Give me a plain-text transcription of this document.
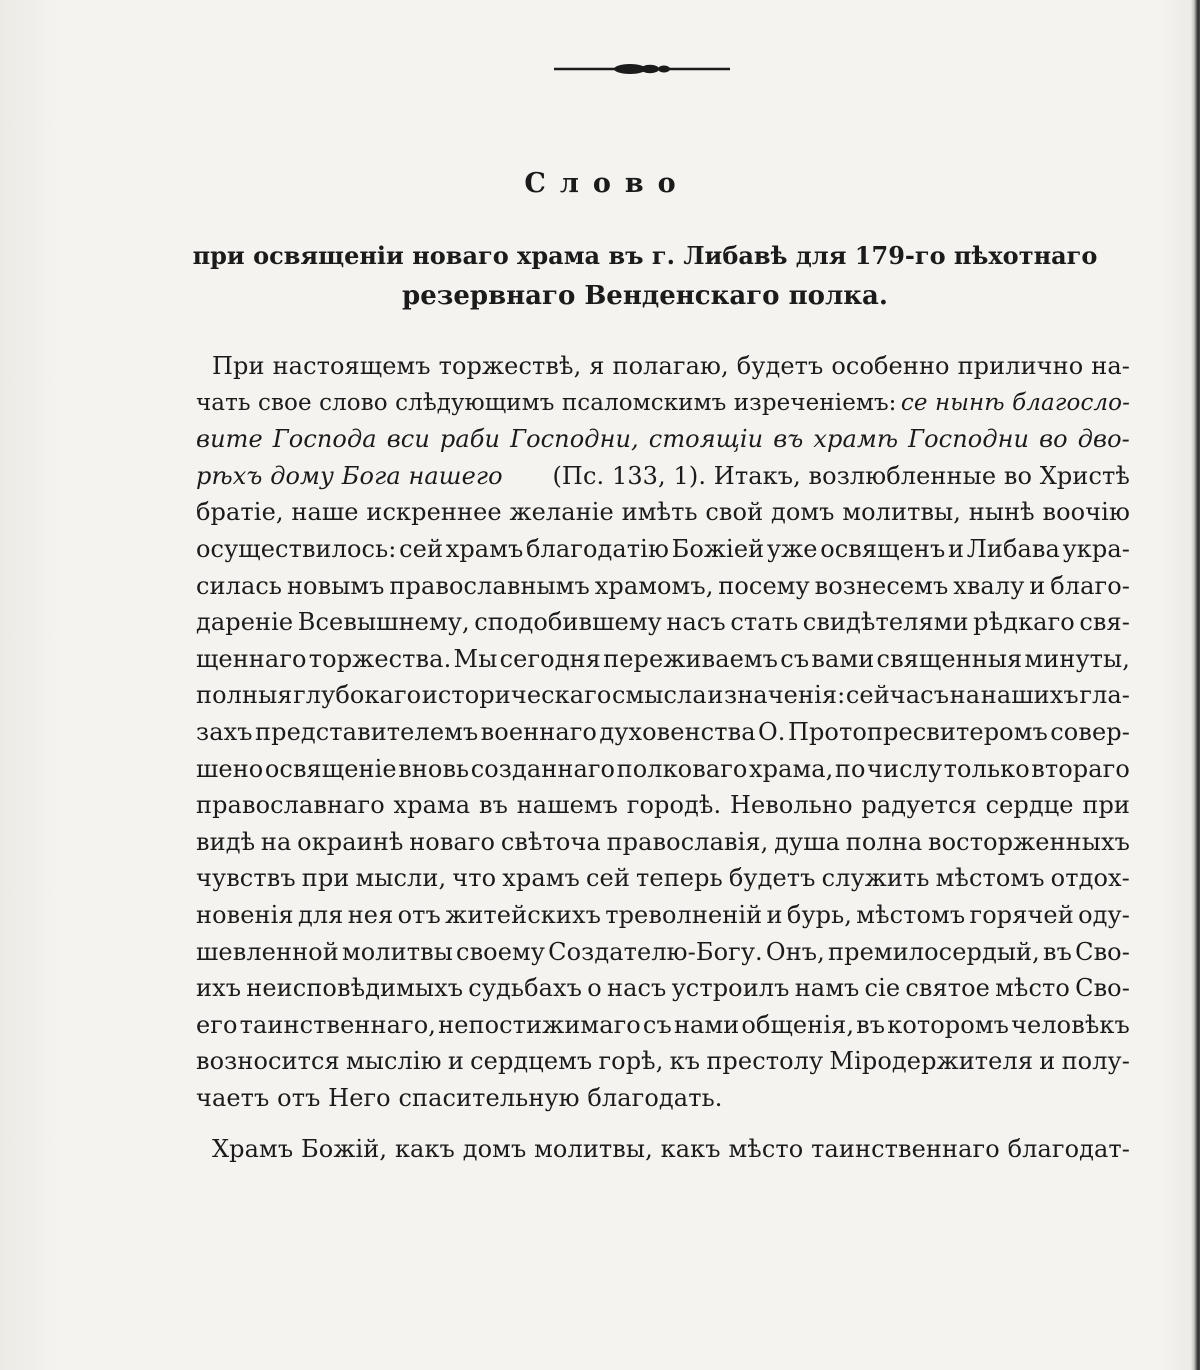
Слово
при освященіи новаго храма въ г. Либавѣ для 179-го пѣхотнаго
резервнаго Венденскаго полка.
При настоящемъ торжествѣ, я полагаю, будетъ особенно прилично на-
чать свое слово слѣдующимъ псаломскимъ изреченіемъ: се нынѣ благосло-
вите Господа вси раби Господни, стоящіи въ храмѣ Господни во дво-
рѣхъ дому Бога нашего (Пс. 133, 1). Итакъ, возлюбленные во Христѣ
братіе, наше искреннее желаніе имѣть свой домъ молитвы, нынѣ воочію
осуществилось: сей храмъ благодатію Божіей уже освященъ и Либава укра-
силась новымъ православнымъ храмомъ, посему вознесемъ хвалу и благо-
дареніе Всевышнему, сподобившему насъ стать свидѣтелями рѣдкаго свя-
щеннаго торжества. Мы сегодня переживаемъ съ вами священныя минуты,
полныя глубокаго историческаго смысла и значенія: сейчасъ на нашихъ гла-
захъ представителемъ военнаго духовенства О. Протопресвитеромъ совер-
шено освященіе вновь созданнаго полковаго храма, по числу только втораго
православнаго храма въ нашемъ городѣ. Невольно радуется сердце при
видѣ на окраинѣ новаго свѣточа православія, душа полна восторженныхъ
чувствъ при мысли, что храмъ сей теперь будетъ служить мѣстомъ отдох-
новенія для нея отъ житейскихъ треволненій и бурь, мѣстомъ горячей оду-
шевленной молитвы своему Создателю-Богу. Онъ, премилосердый, въ Сво-
ихъ неисповѣдимыхъ судьбахъ о насъ устроилъ намъ сіе святое мѣсто Сво-
его таинственнаго, непостижимаго съ нами общенія, въ которомъ человѣкъ
возносится мыслію и сердцемъ горѣ, къ престолу Міродержителя и полу-
чаетъ отъ Него спасительную благодать.
Храмъ Божій, какъ домъ молитвы, какъ мѣсто таинственнаго благодат-
